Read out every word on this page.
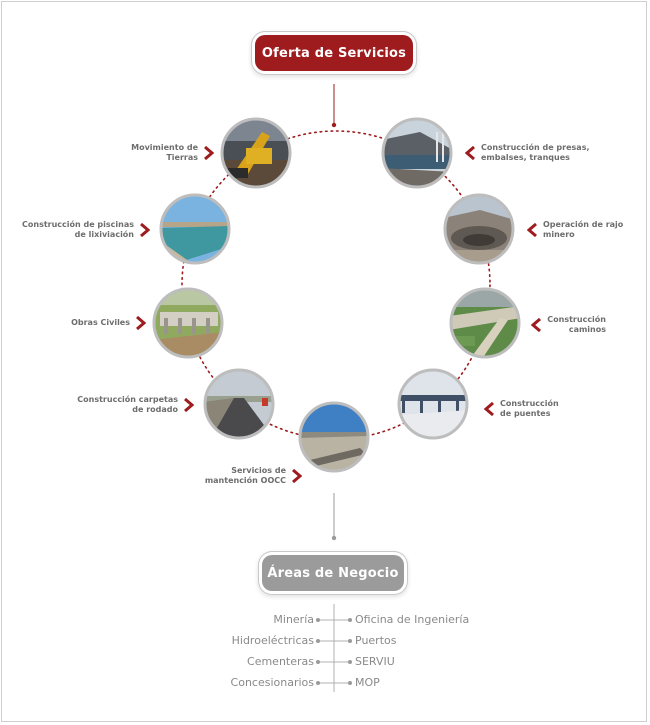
Oferta de Servicios
Movimiento de
Tierras
Construcción de presas,
embalses, tranques
Construcción de piscinas
de lixiviación
Operación de rajo
minero
Obras Civiles	Construcción
caminos
Construcción carpetas
de rodado
Construcción
de puentes
Servicios de
mantención OOCC
Áreas de Negocio
Minería
Hidroeléctricas
Cementeras
Concesionarios
Oficina de Ingeniería
Puertos
SERVIU
MOP
